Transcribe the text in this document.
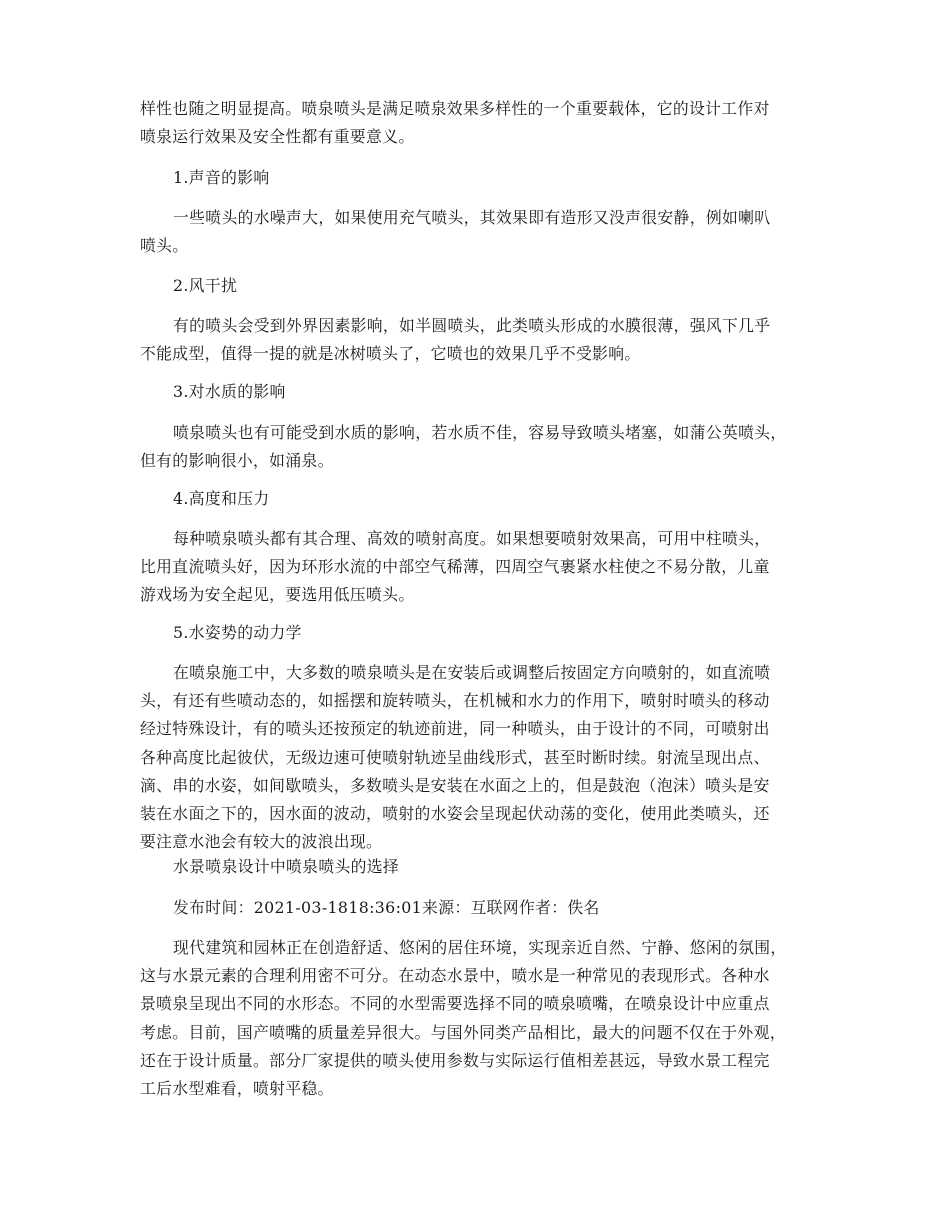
样性也随之明显提高。喷泉喷头是满足喷泉效果多样性的一个重要载体，它的设计工作对
喷泉运行效果及安全性都有重要意义。
1.声音的影响
一些喷头的水噪声大，如果使用充气喷头，其效果即有造形又没声很安静，例如喇叭
喷头。
2.风干扰
有的喷头会受到外界因素影响，如半圆喷头，此类喷头形成的水膜很薄，强风下几乎
不能成型，值得一提的就是冰树喷头了，它喷也的效果几乎不受影响。
3.对水质的影响
喷泉喷头也有可能受到水质的影响，若水质不佳，容易导致喷头堵塞，如蒲公英喷头，
但有的影响很小，如涌泉。
4.高度和压力
每种喷泉喷头都有其合理、高效的喷射高度。如果想要喷射效果高，可用中柱喷头，
比用直流喷头好，因为环形水流的中部空气稀薄，四周空气裹紧水柱使之不易分散，儿童
游戏场为安全起见，要选用低压喷头。
5.水姿势的动力学
在喷泉施工中，大多数的喷泉喷头是在安装后或调整后按固定方向喷射的，如直流喷
头，有还有些喷动态的，如摇摆和旋转喷头，在机械和水力的作用下，喷射时喷头的移动
经过特殊设计，有的喷头还按预定的轨迹前进，同一种喷头，由于设计的不同，可喷射出
各种高度比起彼伏，无级边速可使喷射轨迹呈曲线形式，甚至时断时续。射流呈现出点、
滴、串的水姿，如间歇喷头，多数喷头是安装在水面之上的，但是鼓泡（泡沫）喷头是安
装在水面之下的，因水面的波动，喷射的水姿会呈现起伏动荡的变化，使用此类喷头，还
要注意水池会有较大的波浪出现。
水景喷泉设计中喷泉喷头的选择
发布时间：2021-03-1818:36:01来源：互联网作者：佚名
现代建筑和园林正在创造舒适、悠闲的居住环境，实现亲近自然、宁静、悠闲的氛围，
这与水景元素的合理利用密不可分。在动态水景中，喷水是一种常见的表现形式。各种水
景喷泉呈现出不同的水形态。不同的水型需要选择不同的喷泉喷嘴，在喷泉设计中应重点
考虑。目前，国产喷嘴的质量差异很大。与国外同类产品相比，最大的问题不仅在于外观，
还在于设计质量。部分厂家提供的喷头使用参数与实际运行值相差甚远，导致水景工程完
工后水型难看，喷射平稳。
